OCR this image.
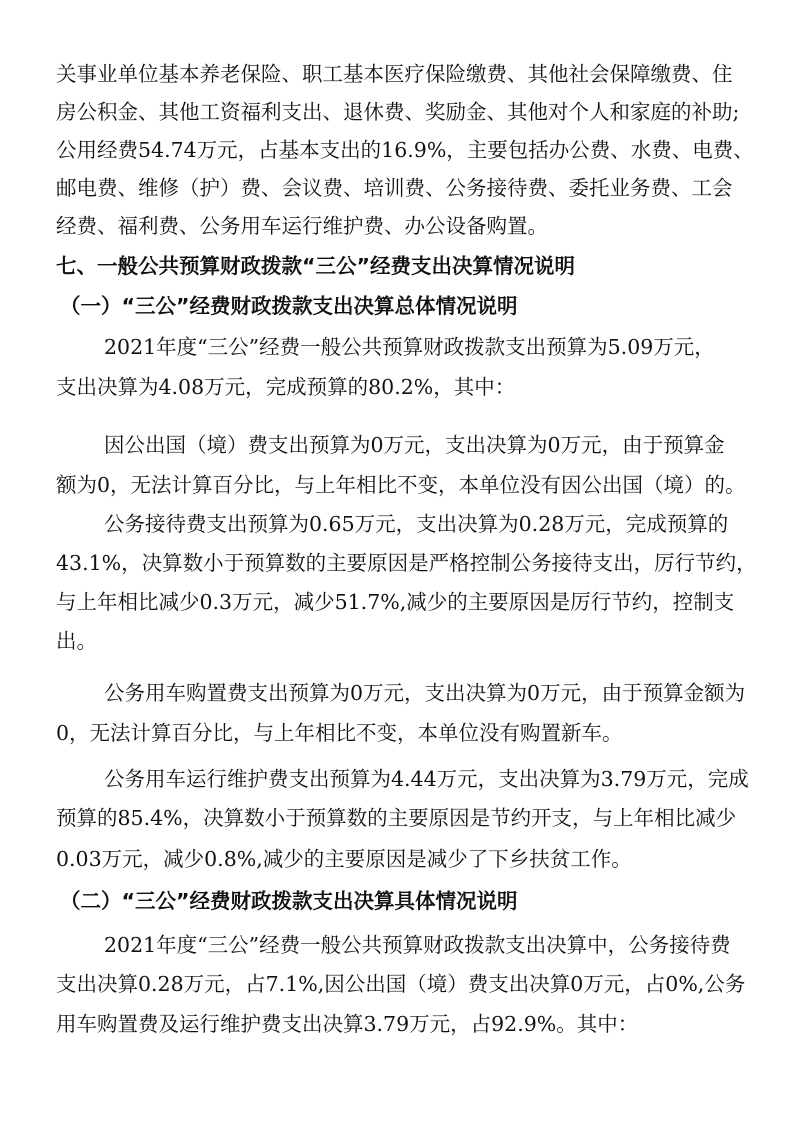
关事业单位基本养老保险、职工基本医疗保险缴费、其他社会保障缴费、住
房公积金、其他工资福利支出、退休费、奖励金、其他对个人和家庭的补助;
公用经费54.74万元，占基本支出的16.9%，主要包括办公费、水费、电费、
邮电费、维修（护）费、会议费、培训费、公务接待费、委托业务费、工会
经费、福利费、公务用车运行维护费、办公设备购置。
七、一般公共预算财政拨款“三公”经费支出决算情况说明
（一）“三公”经费财政拨款支出决算总体情况说明
2021年度“三公”经费一般公共预算财政拨款支出预算为5.09万元，
支出决算为4.08万元，完成预算的80.2%，其中：
因公出国（境）费支出预算为0万元，支出决算为0万元，由于预算金
额为0，无法计算百分比，与上年相比不变，本单位没有因公出国（境）的。
公务接待费支出预算为0.65万元，支出决算为0.28万元，完成预算的
43.1%，决算数小于预算数的主要原因是严格控制公务接待支出，厉行节约，
与上年相比减少0.3万元，减少51.7%,减少的主要原因是厉行节约，控制支
出。
公务用车购置费支出预算为0万元，支出决算为0万元，由于预算金额为
0，无法计算百分比，与上年相比不变，本单位没有购置新车。
公务用车运行维护费支出预算为4.44万元，支出决算为3.79万元，完成
预算的85.4%，决算数小于预算数的主要原因是节约开支，与上年相比减少
0.03万元，减少0.8%,减少的主要原因是减少了下乡扶贫工作。
（二）“三公”经费财政拨款支出决算具体情况说明
2021年度“三公”经费一般公共预算财政拨款支出决算中，公务接待费
支出决算0.28万元，占7.1%,因公出国（境）费支出决算0万元，占0%,公务
用车购置费及运行维护费支出决算3.79万元，占92.9%。其中：
